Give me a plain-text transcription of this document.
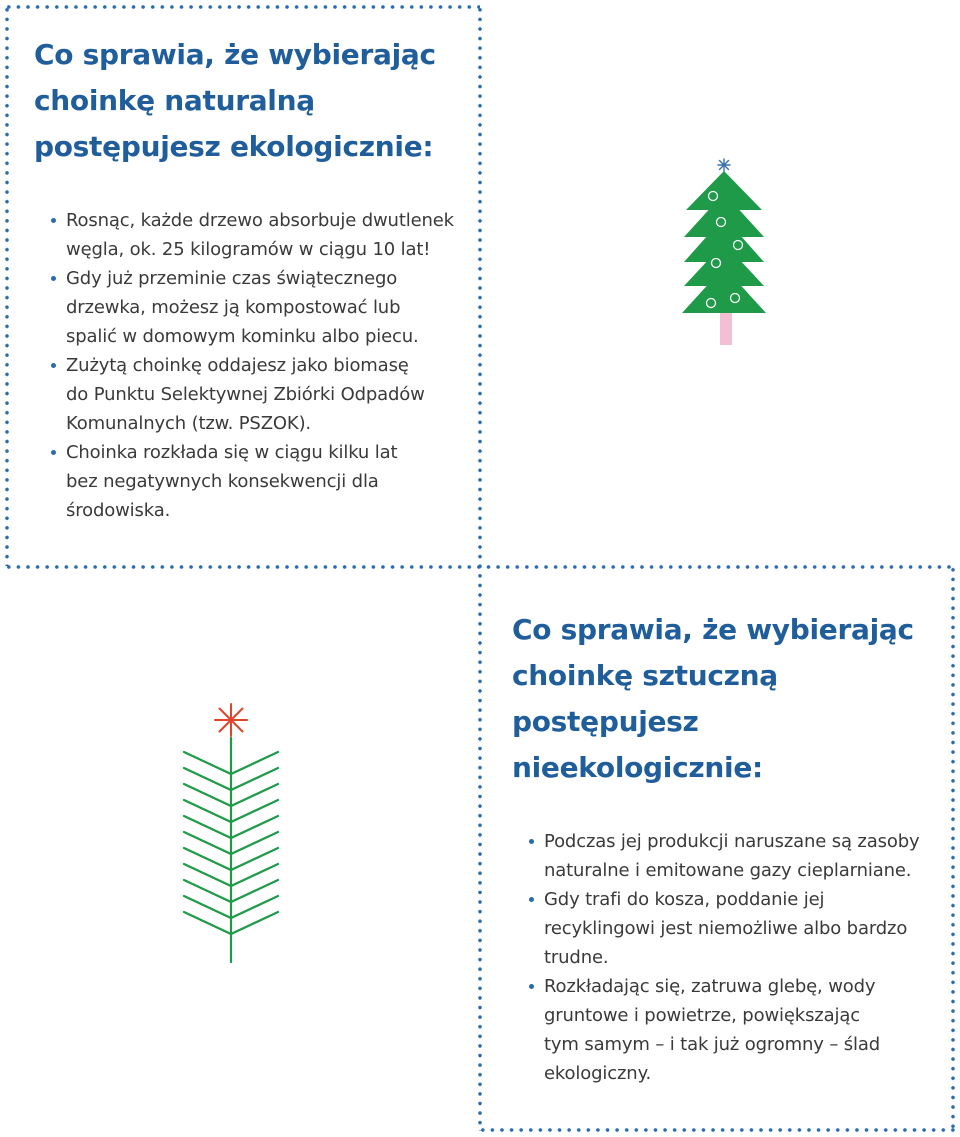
Co sprawia, że wybierając
choinkę naturalną
postępujesz ekologicznie:
Rosnąc, każde drzewo absorbuje dwutlenek
węgla, ok. 25 kilogramów w ciągu 10 lat!
Gdy już przeminie czas świątecznego
drzewka, możesz ją kompostować lub
spalić w domowym kominku albo piecu.
Zużytą choinkę oddajesz jako biomasę
do Punktu Selektywnej Zbiórki Odpadów
Komunalnych (tzw. PSZOK).
Choinka rozkłada się w ciągu kilku lat
bez negatywnych konsekwencji dla
środowiska.
Co sprawia, że wybierając
choinkę sztuczną
postępujesz
nieekologicznie:
Podczas jej produkcji naruszane są zasoby
naturalne i emitowane gazy cieplarniane.
Gdy trafi do kosza, poddanie jej
recyklingowi jest niemożliwe albo bardzo
trudne.
Rozkładając się, zatruwa glebę, wody
gruntowe i powietrze, powiększając
tym samym – i tak już ogromny – ślad
ekologiczny.
